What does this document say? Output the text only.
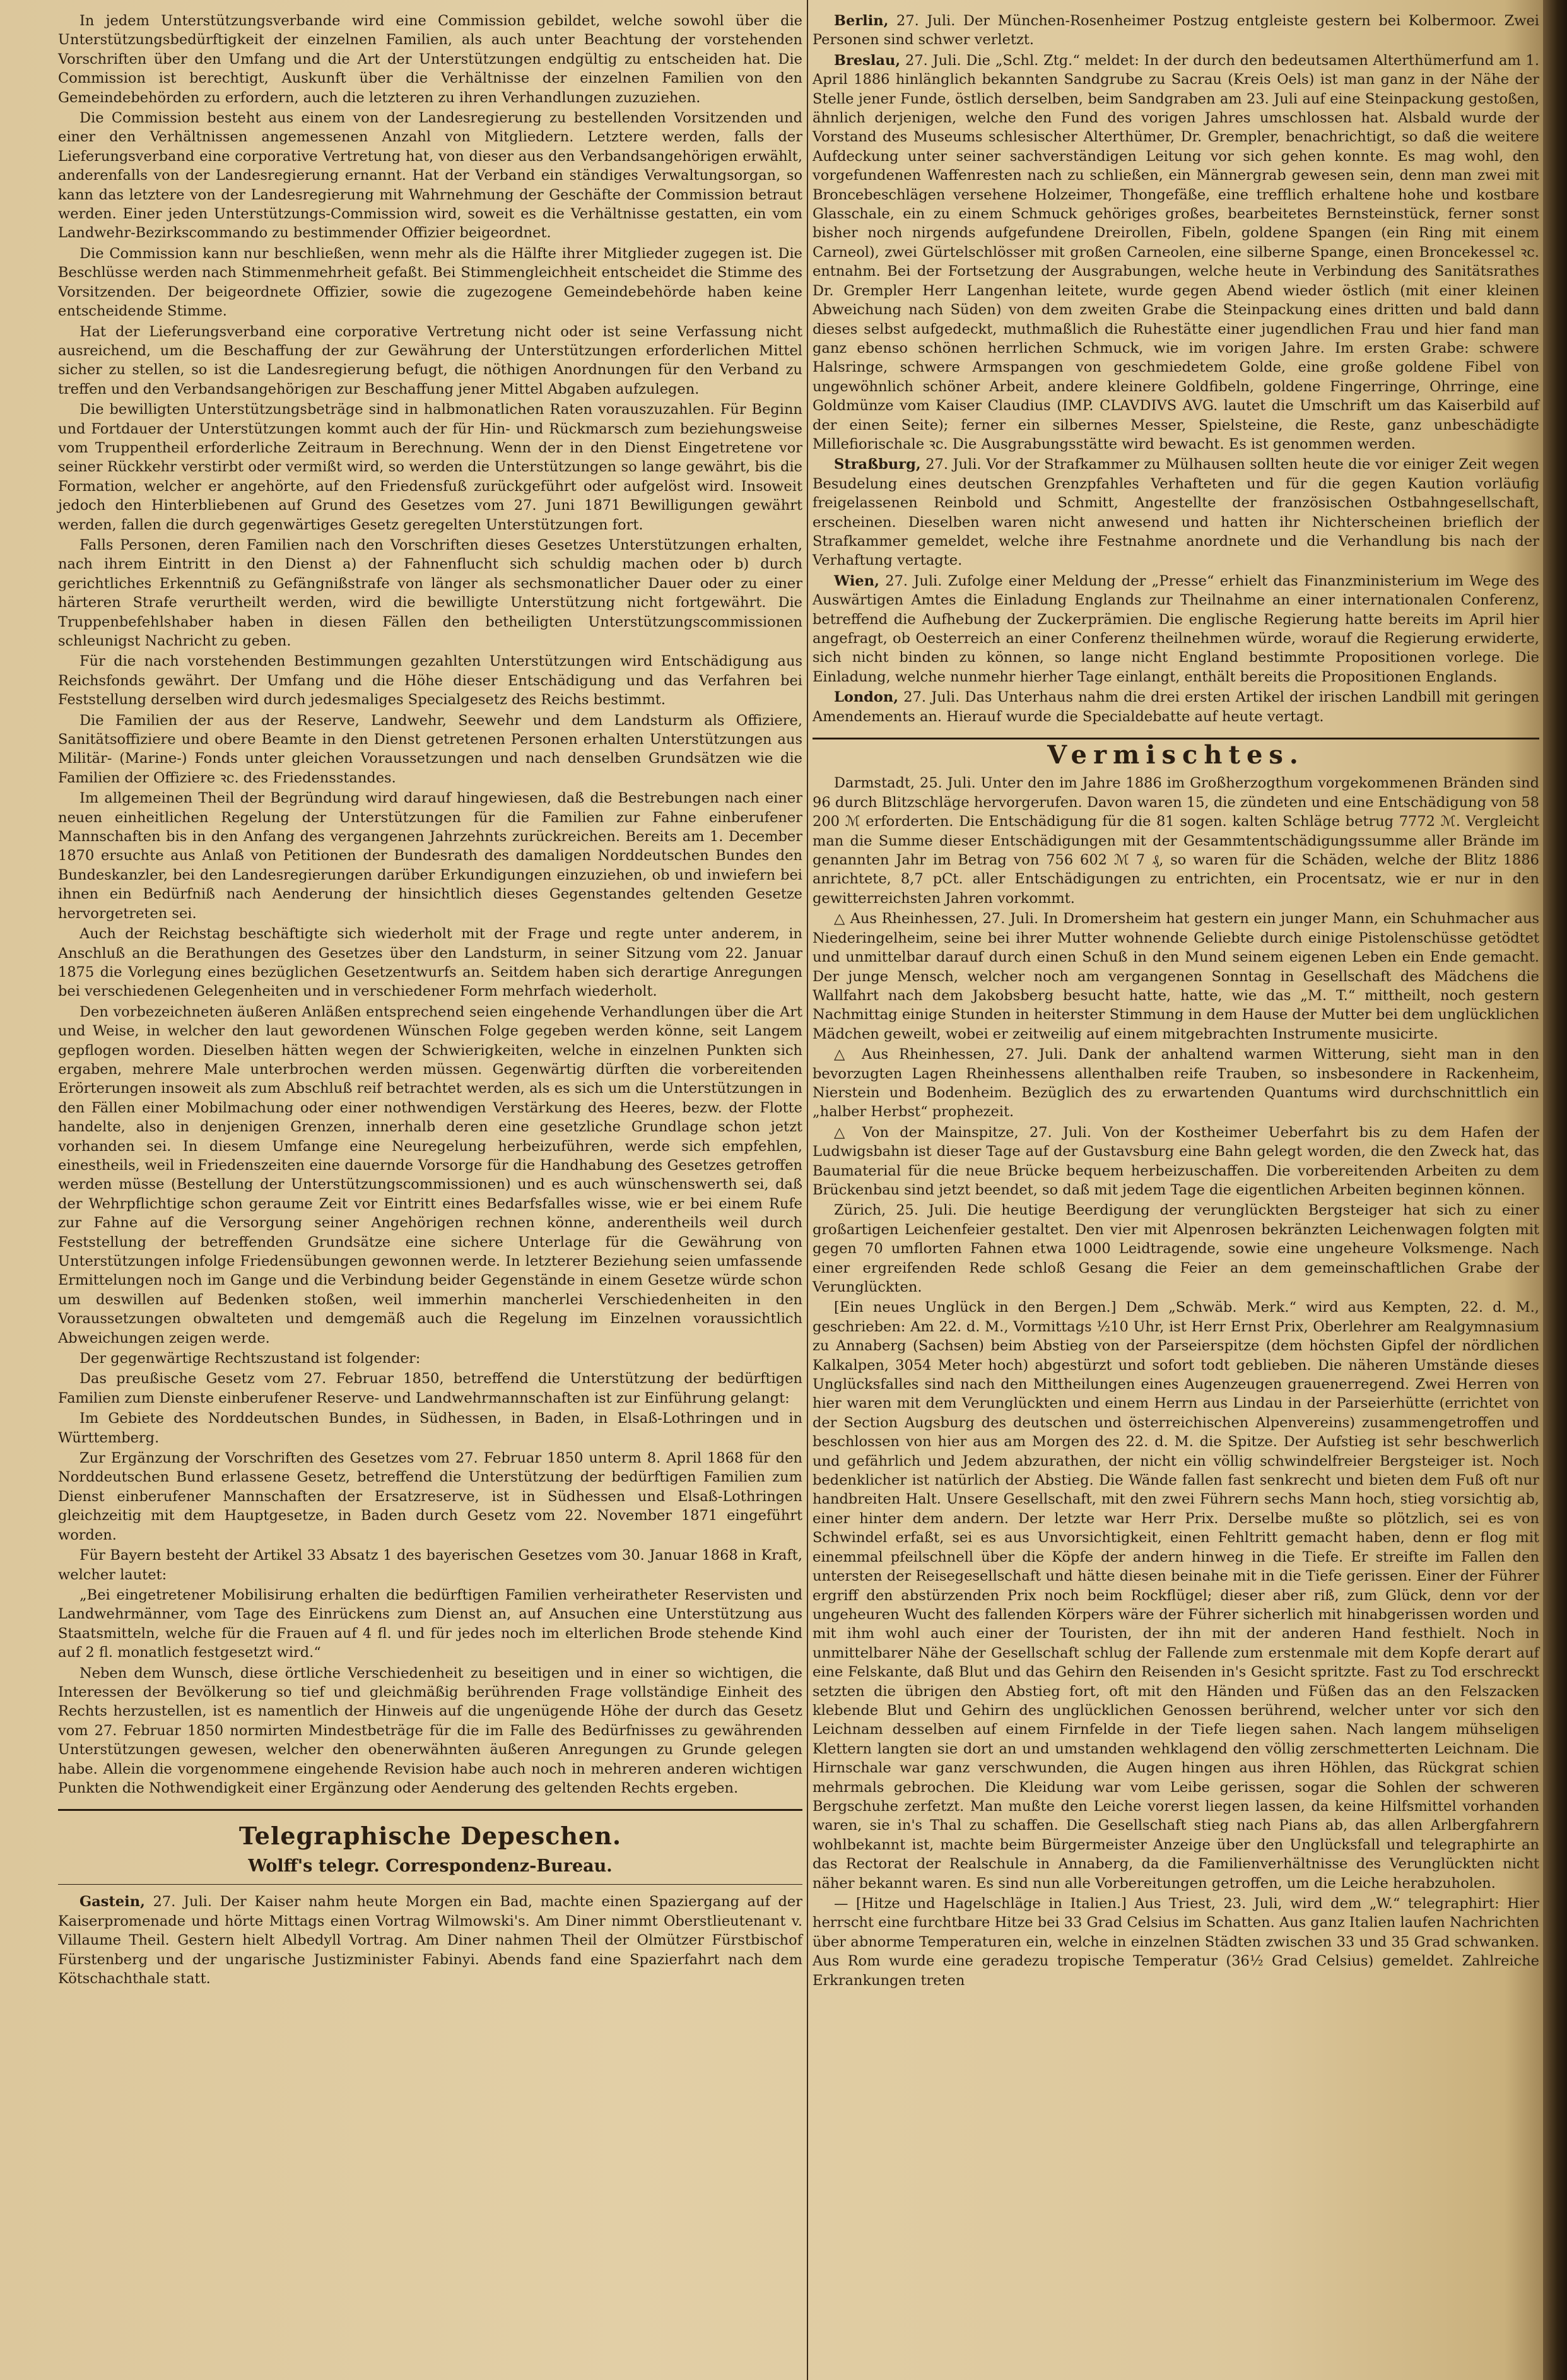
In jedem Unterstützungsverbande wird eine Commission gebildet, welche sowohl über die Unterstützungsbedürftigkeit der einzelnen Familien, als auch unter Beachtung der vorstehenden Vorschriften über den Umfang und die Art der Unterstützungen endgültig zu entscheiden hat. Die Commission ist berechtigt, Auskunft über die Verhältnisse der einzelnen Familien von den Gemeindebehörden zu erfordern, auch die letzteren zu ihren Verhandlungen zuzuziehen.

Die Commission besteht aus einem von der Landesregierung zu bestellenden Vorsitzenden und einer den Verhältnissen angemessenen Anzahl von Mitgliedern. Letztere werden, falls der Lieferungsverband eine corporative Vertretung hat, von dieser aus den Verbandsangehörigen erwählt, anderenfalls von der Landesregierung ernannt. Hat der Verband ein ständiges Verwaltungsorgan, so kann das letztere von der Landesregierung mit Wahrnehmung der Geschäfte der Commission betraut werden. Einer jeden Unterstützungs-Commission wird, soweit es die Verhältnisse gestatten, ein vom Landwehr-Bezirkscommando zu bestimmender Offizier beigeordnet.

Die Commission kann nur beschließen, wenn mehr als die Hälfte ihrer Mitglieder zugegen ist. Die Beschlüsse werden nach Stimmenmehrheit gefaßt. Bei Stimmengleichheit entscheidet die Stimme des Vorsitzenden. Der beigeordnete Offizier, sowie die zugezogene Gemeindebehörde haben keine entscheidende Stimme.

Hat der Lieferungsverband eine corporative Vertretung nicht oder ist seine Verfassung nicht ausreichend, um die Beschaffung der zur Gewährung der Unterstützungen erforderlichen Mittel sicher zu stellen, so ist die Landesregierung befugt, die nöthigen Anordnungen für den Verband zu treffen und den Verbandsangehörigen zur Beschaffung jener Mittel Abgaben aufzulegen.

Die bewilligten Unterstützungsbeträge sind in halbmonatlichen Raten vorauszuzahlen. Für Beginn und Fortdauer der Unterstützungen kommt auch der für Hin- und Rückmarsch zum beziehungsweise vom Truppentheil erforderliche Zeitraum in Berechnung. Wenn der in den Dienst Eingetretene vor seiner Rückkehr verstirbt oder vermißt wird, so werden die Unterstützungen so lange gewährt, bis die Formation, welcher er angehörte, auf den Friedensfuß zurückgeführt oder aufgelöst wird. Insoweit jedoch den Hinterbliebenen auf Grund des Gesetzes vom 27. Juni 1871 Bewilligungen gewährt werden, fallen die durch gegenwärtiges Gesetz geregelten Unterstützungen fort.

Falls Personen, deren Familien nach den Vorschriften dieses Gesetzes Unterstützungen erhalten, nach ihrem Eintritt in den Dienst a) der Fahnenflucht sich schuldig machen oder b) durch gerichtliches Erkenntniß zu Gefängnißstrafe von länger als sechsmonatlicher Dauer oder zu einer härteren Strafe verurtheilt werden, wird die bewilligte Unterstützung nicht fortgewährt. Die Truppenbefehlshaber haben in diesen Fällen den betheiligten Unterstützungscommissionen schleunigst Nachricht zu geben.

Für die nach vorstehenden Bestimmungen gezahlten Unterstützungen wird Entschädigung aus Reichsfonds gewährt. Der Umfang und die Höhe dieser Entschädigung und das Verfahren bei Feststellung derselben wird durch jedesmaliges Specialgesetz des Reichs bestimmt.

Die Familien der aus der Reserve, Landwehr, Seewehr und dem Landsturm als Offiziere, Sanitätsoffiziere und obere Beamte in den Dienst getretenen Personen erhalten Unterstützungen aus Militär- (Marine-) Fonds unter gleichen Voraussetzungen und nach denselben Grundsätzen wie die Familien der Offiziere ꝛc. des Friedensstandes.

Im allgemeinen Theil der Begründung wird darauf hingewiesen, daß die Bestrebungen nach einer neuen einheitlichen Regelung der Unterstützungen für die Familien zur Fahne einberufener Mannschaften bis in den Anfang des vergangenen Jahrzehnts zurückreichen. Bereits am 1. December 1870 ersuchte aus Anlaß von Petitionen der Bundesrath des damaligen Norddeutschen Bundes den Bundeskanzler, bei den Landesregierungen darüber Erkundigungen einzuziehen, ob und inwiefern bei ihnen ein Bedürfniß nach Aenderung der hinsichtlich dieses Gegenstandes geltenden Gesetze hervorgetreten sei.

Auch der Reichstag beschäftigte sich wiederholt mit der Frage und regte unter anderem, in Anschluß an die Berathungen des Gesetzes über den Landsturm, in seiner Sitzung vom 22. Januar 1875 die Vorlegung eines bezüglichen Gesetzentwurfs an. Seitdem haben sich derartige Anregungen bei verschiedenen Gelegenheiten und in verschiedener Form mehrfach wiederholt.

Den vorbezeichneten äußeren Anläßen entsprechend seien eingehende Verhandlungen über die Art und Weise, in welcher den laut gewordenen Wünschen Folge gegeben werden könne, seit Langem gepflogen worden. Dieselben hätten wegen der Schwierigkeiten, welche in einzelnen Punkten sich ergaben, mehrere Male unterbrochen werden müssen. Gegenwärtig dürften die vorbereitenden Erörterungen insoweit als zum Abschluß reif betrachtet werden, als es sich um die Unterstützungen in den Fällen einer Mobilmachung oder einer nothwendigen Verstärkung des Heeres, bezw. der Flotte handelte, also in denjenigen Grenzen, innerhalb deren eine gesetzliche Grundlage schon jetzt vorhanden sei. In diesem Umfange eine Neuregelung herbeizuführen, werde sich empfehlen, einestheils, weil in Friedenszeiten eine dauernde Vorsorge für die Handhabung des Gesetzes getroffen werden müsse (Bestellung der Unterstützungscommissionen) und es auch wünschenswerth sei, daß der Wehrpflichtige schon geraume Zeit vor Eintritt eines Bedarfsfalles wisse, wie er bei einem Rufe zur Fahne auf die Versorgung seiner Angehörigen rechnen könne, anderentheils weil durch Feststellung der betreffenden Grundsätze eine sichere Unterlage für die Gewährung von Unterstützungen infolge Friedensübungen gewonnen werde. In letzterer Beziehung seien umfassende Ermittelungen noch im Gange und die Verbindung beider Gegenstände in einem Gesetze würde schon um deswillen auf Bedenken stoßen, weil immerhin mancherlei Verschiedenheiten in den Voraussetzungen obwalteten und demgemäß auch die Regelung im Einzelnen voraussichtlich Abweichungen zeigen werde.

Der gegenwärtige Rechtszustand ist folgender:

Das preußische Gesetz vom 27. Februar 1850, betreffend die Unterstützung der bedürftigen Familien zum Dienste einberufener Reserve- und Landwehrmannschaften ist zur Einführung gelangt:

Im Gebiete des Norddeutschen Bundes, in Südhessen, in Baden, in Elsaß-Lothringen und in Württemberg.

Zur Ergänzung der Vorschriften des Gesetzes vom 27. Februar 1850 unterm 8. April 1868 für den Norddeutschen Bund erlassene Gesetz, betreffend die Unterstützung der bedürftigen Familien zum Dienst einberufener Mannschaften der Ersatzreserve, ist in Südhessen und Elsaß-Lothringen gleichzeitig mit dem Hauptgesetze, in Baden durch Gesetz vom 22. November 1871 eingeführt worden.

Für Bayern besteht der Artikel 33 Absatz 1 des bayerischen Gesetzes vom 30. Januar 1868 in Kraft, welcher lautet:

„Bei eingetretener Mobilisirung erhalten die bedürftigen Familien verheiratheter Reservisten und Landwehrmänner, vom Tage des Einrückens zum Dienst an, auf Ansuchen eine Unterstützung aus Staatsmitteln, welche für die Frauen auf 4 fl. und für jedes noch im elterlichen Brode stehende Kind auf 2 fl. monatlich festgesetzt wird.“

Neben dem Wunsch, diese örtliche Verschiedenheit zu beseitigen und in einer so wichtigen, die Interessen der Bevölkerung so tief und gleichmäßig berührenden Frage vollständige Einheit des Rechts herzustellen, ist es namentlich der Hinweis auf die ungenügende Höhe der durch das Gesetz vom 27. Februar 1850 normirten Mindestbeträge für die im Falle des Bedürfnisses zu gewährenden Unterstützungen gewesen, welcher den obenerwähnten äußeren Anregungen zu Grunde gelegen habe. Allein die vorgenommene eingehende Revision habe auch noch in mehreren anderen wichtigen Punkten die Nothwendigkeit einer Ergänzung oder Aenderung des geltenden Rechts ergeben.

Telegraphische Depeschen.
Wolff's telegr. Correspondenz-Bureau.

Gastein, 27. Juli. Der Kaiser nahm heute Morgen ein Bad, machte einen Spaziergang auf der Kaiserpromenade und hörte Mittags einen Vortrag Wilmowski's. Am Diner nimmt Oberstlieutenant v. Villaume Theil. Gestern hielt Albedyll Vortrag. Am Diner nahmen Theil der Olmützer Fürstbischof Fürstenberg und der ungarische Justizminister Fabinyi. Abends fand eine Spazierfahrt nach dem Kötschachthale statt.

Berlin, 27. Juli. Der München-Rosenheimer Postzug entgleiste gestern bei Kolbermoor. Zwei Personen sind schwer verletzt.

Breslau, 27. Juli. Die „Schl. Ztg.“ meldet: In der durch den bedeutsamen Alterthümerfund am 1. April 1886 hinlänglich bekannten Sandgrube zu Sacrau (Kreis Oels) ist man ganz in der Nähe der Stelle jener Funde, östlich derselben, beim Sandgraben am 23. Juli auf eine Steinpackung gestoßen, ähnlich derjenigen, welche den Fund des vorigen Jahres umschlossen hat. Alsbald wurde der Vorstand des Museums schlesischer Alterthümer, Dr. Grempler, benachrichtigt, so daß die weitere Aufdeckung unter seiner sachverständigen Leitung vor sich gehen konnte. Es mag wohl, den vorgefundenen Waffenresten nach zu schließen, ein Männergrab gewesen sein, denn man zwei mit Broncebeschlägen versehene Holzeimer, Thongefäße, eine trefflich erhaltene hohe und kostbare Glasschale, ein zu einem Schmuck gehöriges großes, bearbeitetes Bernsteinstück, ferner sonst bisher noch nirgends aufgefundene Dreirollen, Fibeln, goldene Spangen (ein Ring mit einem Carneol), zwei Gürtelschlösser mit großen Carneolen, eine silberne Spange, einen Broncekessel ꝛc. entnahm. Bei der Fortsetzung der Ausgrabungen, welche heute in Verbindung des Sanitätsrathes Dr. Grempler Herr Langenhan leitete, wurde gegen Abend wieder östlich (mit einer kleinen Abweichung nach Süden) von dem zweiten Grabe die Steinpackung eines dritten und bald dann dieses selbst aufgedeckt, muthmaßlich die Ruhestätte einer jugendlichen Frau und hier fand man ganz ebenso schönen herrlichen Schmuck, wie im vorigen Jahre. Im ersten Grabe: schwere Halsringe, schwere Armspangen von geschmiedetem Golde, eine große goldene Fibel von ungewöhnlich schöner Arbeit, andere kleinere Goldfibeln, goldene Fingerringe, Ohrringe, eine Goldmünze vom Kaiser Claudius (IMP. CLAVDIVS AVG. lautet die Umschrift um das Kaiserbild auf der einen Seite); ferner ein silbernes Messer, Spielsteine, die Reste, ganz unbeschädigte Millefiorischale ꝛc. Die Ausgrabungsstätte wird bewacht. Es ist genommen werden.

Straßburg, 27. Juli. Vor der Strafkammer zu Mülhausen sollten heute die vor einiger Zeit wegen Besudelung eines deutschen Grenzpfahles Verhafteten und für die gegen Kaution vorläufig freigelassenen Reinbold und Schmitt, Angestellte der französischen Ostbahngesellschaft, erscheinen. Dieselben waren nicht anwesend und hatten ihr Nichterscheinen brieflich der Strafkammer gemeldet, welche ihre Festnahme anordnete und die Verhandlung bis nach der Verhaftung vertagte.

Wien, 27. Juli. Zufolge einer Meldung der „Presse“ erhielt das Finanzministerium im Wege des Auswärtigen Amtes die Einladung Englands zur Theilnahme an einer internationalen Conferenz, betreffend die Aufhebung der Zuckerprämien. Die englische Regierung hatte bereits im April hier angefragt, ob Oesterreich an einer Conferenz theilnehmen würde, worauf die Regierung erwiderte, sich nicht binden zu können, so lange nicht England bestimmte Propositionen vorlege. Die Einladung, welche nunmehr hierher Tage einlangt, enthält bereits die Propositionen Englands.

London, 27. Juli. Das Unterhaus nahm die drei ersten Artikel der irischen Landbill mit geringen Amendements an. Hierauf wurde die Specialdebatte auf heute vertagt.

Vermischtes.

Darmstadt, 25. Juli. Unter den im Jahre 1886 im Großherzogthum vorgekommenen Bränden sind 96 durch Blitzschläge hervorgerufen. Davon waren 15, die zündeten und eine Entschädigung von 58 200 ℳ erforderten. Die Entschädigung für die 81 sogen. kalten Schläge betrug 7772 ℳ. Vergleicht man die Summe dieser Entschädigungen mit der Gesammtentschädigungssumme aller Brände im genannten Jahr im Betrag von 756 602 ℳ 7 ₰, so waren für die Schäden, welche der Blitz 1886 anrichtete, 8,7 pCt. aller Entschädigungen zu entrichten, ein Procentsatz, wie er nur in den gewitterreichsten Jahren vorkommt.

△ Aus Rheinhessen, 27. Juli. In Dromersheim hat gestern ein junger Mann, ein Schuhmacher aus Niederingelheim, seine bei ihrer Mutter wohnende Geliebte durch einige Pistolenschüsse getödtet und unmittelbar darauf durch einen Schuß in den Mund seinem eigenen Leben ein Ende gemacht. Der junge Mensch, welcher noch am vergangenen Sonntag in Gesellschaft des Mädchens die Wallfahrt nach dem Jakobsberg besucht hatte, hatte, wie das „M. T.“ mittheilt, noch gestern Nachmittag einige Stunden in heiterster Stimmung in dem Hause der Mutter bei dem unglücklichen Mädchen geweilt, wobei er zeitweilig auf einem mitgebrachten Instrumente musicirte.

△ Aus Rheinhessen, 27. Juli. Dank der anhaltend warmen Witterung, sieht man in den bevorzugten Lagen Rheinhessens allenthalben reife Trauben, so insbesondere in Rackenheim, Nierstein und Bodenheim. Bezüglich des zu erwartenden Quantums wird durchschnittlich ein „halber Herbst“ prophezeit.

△ Von der Mainspitze, 27. Juli. Von der Kostheimer Ueberfahrt bis zu dem Hafen der Ludwigsbahn ist dieser Tage auf der Gustavsburg eine Bahn gelegt worden, die den Zweck hat, das Baumaterial für die neue Brücke bequem herbeizuschaffen. Die vorbereitenden Arbeiten zu dem Brückenbau sind jetzt beendet, so daß mit jedem Tage die eigentlichen Arbeiten beginnen können.

Zürich, 25. Juli. Die heutige Beerdigung der verunglückten Bergsteiger hat sich zu einer großartigen Leichenfeier gestaltet. Den vier mit Alpenrosen bekränzten Leichenwagen folgten mit gegen 70 umflorten Fahnen etwa 1000 Leidtragende, sowie eine ungeheure Volksmenge. Nach einer ergreifenden Rede schloß Gesang die Feier an dem gemeinschaftlichen Grabe der Verunglückten.

[Ein neues Unglück in den Bergen.] Dem „Schwäb. Merk.“ wird aus Kempten, 22. d. M., geschrieben: Am 22. d. M., Vormittags ½10 Uhr, ist Herr Ernst Prix, Oberlehrer am Realgymnasium zu Annaberg (Sachsen) beim Abstieg von der Parseierspitze (dem höchsten Gipfel der nördlichen Kalkalpen, 3054 Meter hoch) abgestürzt und sofort todt geblieben. Die näheren Umstände dieses Unglücksfalles sind nach den Mittheilungen eines Augenzeugen grauenerregend. Zwei Herren von hier waren mit dem Verunglückten und einem Herrn aus Lindau in der Parseierhütte (errichtet von der Section Augsburg des deutschen und österreichischen Alpenvereins) zusammengetroffen und beschlossen von hier aus am Morgen des 22. d. M. die Spitze. Der Aufstieg ist sehr beschwerlich und gefährlich und Jedem abzurathen, der nicht ein völlig schwindelfreier Bergsteiger ist. Noch bedenklicher ist natürlich der Abstieg. Die Wände fallen fast senkrecht und bieten dem Fuß oft nur handbreiten Halt. Unsere Gesellschaft, mit den zwei Führern sechs Mann hoch, stieg vorsichtig ab, einer hinter dem andern. Der letzte war Herr Prix. Derselbe mußte so plötzlich, sei es von Schwindel erfaßt, sei es aus Unvorsichtigkeit, einen Fehltritt gemacht haben, denn er flog mit einemmal pfeilschnell über die Köpfe der andern hinweg in die Tiefe. Er streifte im Fallen den untersten der Reisegesellschaft und hätte diesen beinahe mit in die Tiefe gerissen. Einer der Führer ergriff den abstürzenden Prix noch beim Rockflügel; dieser aber riß, zum Glück, denn vor der ungeheuren Wucht des fallenden Körpers wäre der Führer sicherlich mit hinabgerissen worden und mit ihm wohl auch einer der Touristen, der ihn mit der anderen Hand festhielt. Noch in unmittelbarer Nähe der Gesellschaft schlug der Fallende zum erstenmale mit dem Kopfe derart auf eine Felskante, daß Blut und das Gehirn den Reisenden in's Gesicht spritzte. Fast zu Tod erschreckt setzten die übrigen den Abstieg fort, oft mit den Händen und Füßen das an den Felszacken klebende Blut und Gehirn des unglücklichen Genossen berührend, welcher unter vor sich den Leichnam desselben auf einem Firnfelde in der Tiefe liegen sahen. Nach langem mühseligen Klettern langten sie dort an und umstanden wehklagend den völlig zerschmetterten Leichnam. Die Hirnschale war ganz verschwunden, die Augen hingen aus ihren Höhlen, das Rückgrat schien mehrmals gebrochen. Die Kleidung war vom Leibe gerissen, sogar die Sohlen der schweren Bergschuhe zerfetzt. Man mußte den Leiche vorerst liegen lassen, da keine Hilfsmittel vorhanden waren, sie in's Thal zu schaffen. Die Gesellschaft stieg nach Pians ab, das allen Arlbergfahrern wohlbekannt ist, machte beim Bürgermeister Anzeige über den Unglücksfall und telegraphirte an das Rectorat der Realschule in Annaberg, da die Familienverhältnisse des Verunglückten nicht näher bekannt waren. Es sind nun alle Vorbereitungen getroffen, um die Leiche herabzuholen.

— [Hitze und Hagelschläge in Italien.] Aus Triest, 23. Juli, wird dem „W.“ telegraphirt: Hier herrscht eine furchtbare Hitze bei 33 Grad Celsius im Schatten. Aus ganz Italien laufen Nachrichten über abnorme Temperaturen ein, welche in einzelnen Städten zwischen 33 und 35 Grad schwanken. Aus Rom wurde eine geradezu tropische Temperatur (36½ Grad Celsius) gemeldet. Zahlreiche Erkrankungen treten
